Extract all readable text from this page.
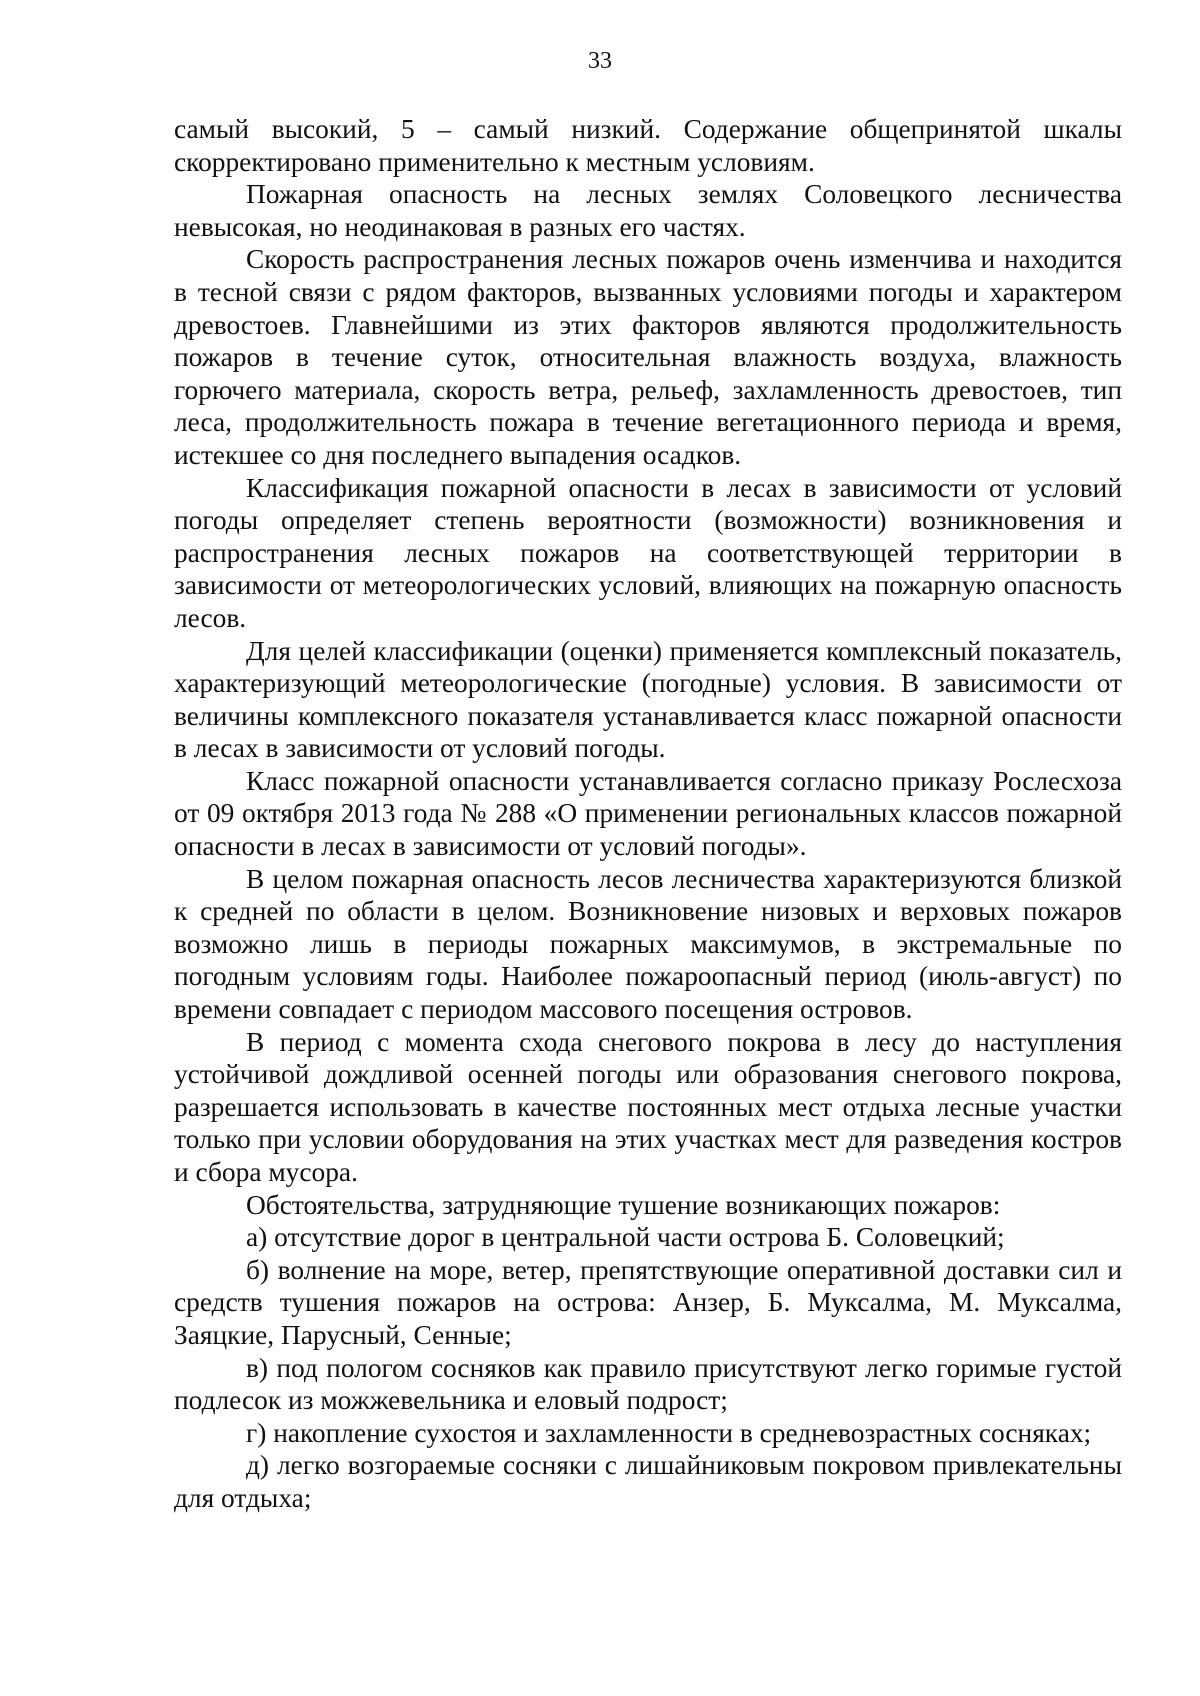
33

самый высокий, 5 – самый низкий. Содержание общепринятой шкалы скорректировано применительно к местным условиям.

Пожарная опасность на лесных землях Соловецкого лесничества невысокая, но неодинаковая в разных его частях.

Скорость распространения лесных пожаров очень изменчива и находится в тесной связи с рядом факторов, вызванных условиями погоды и характером древостоев. Главнейшими из этих факторов являются продолжительность пожаров в течение суток, относительная влажность воздуха, влажность горючего материала, скорость ветра, рельеф, захламленность древостоев, тип леса, продолжительность пожара в течение вегетационного периода и время, истекшее со дня последнего выпадения осадков.

Классификация пожарной опасности в лесах в зависимости от условий погоды определяет степень вероятности (возможности) возникновения и распространения лесных пожаров на соответствующей территории в зависимости от метеорологических условий, влияющих на пожарную опасность лесов.

Для целей классификации (оценки) применяется комплексный показатель, характеризующий метеорологические (погодные) условия. В зависимости от величины комплексного показателя устанавливается класс пожарной опасности в лесах в зависимости от условий погоды.

Класс пожарной опасности устанавливается согласно приказу Рослесхоза от 09 октября 2013 года № 288 «О применении региональных классов пожарной опасности в лесах в зависимости от условий погоды».

В целом пожарная опасность лесов лесничества характеризуются близкой к средней по области в целом. Возникновение низовых и верховых пожаров возможно лишь в периоды пожарных максимумов, в экстремальные по погодным условиям годы. Наиболее пожароопасный период (июль-август) по времени совпадает с периодом массового посещения островов.

В период с момента схода снегового покрова в лесу до наступления устойчивой дождливой осенней погоды или образования снегового покрова, разрешается использовать в качестве постоянных мест отдыха лесные участки только при условии оборудования на этих участках мест для разведения костров и сбора мусора.

Обстоятельства, затрудняющие тушение возникающих пожаров:

а) отсутствие дорог в центральной части острова Б. Соловецкий;

б) волнение на море, ветер, препятствующие оперативной доставки сил и средств тушения пожаров на острова: Анзер, Б. Муксалма, М. Муксалма, Заяцкие, Парусный, Сенные;

в) под пологом сосняков как правило присутствуют легко горимые густой подлесок из можжевельника и еловый подрост;

г) накопление сухостоя и захламленности в средневозрастных сосняках;

д) легко возгораемые сосняки с лишайниковым покровом привлекательны для отдыха;
